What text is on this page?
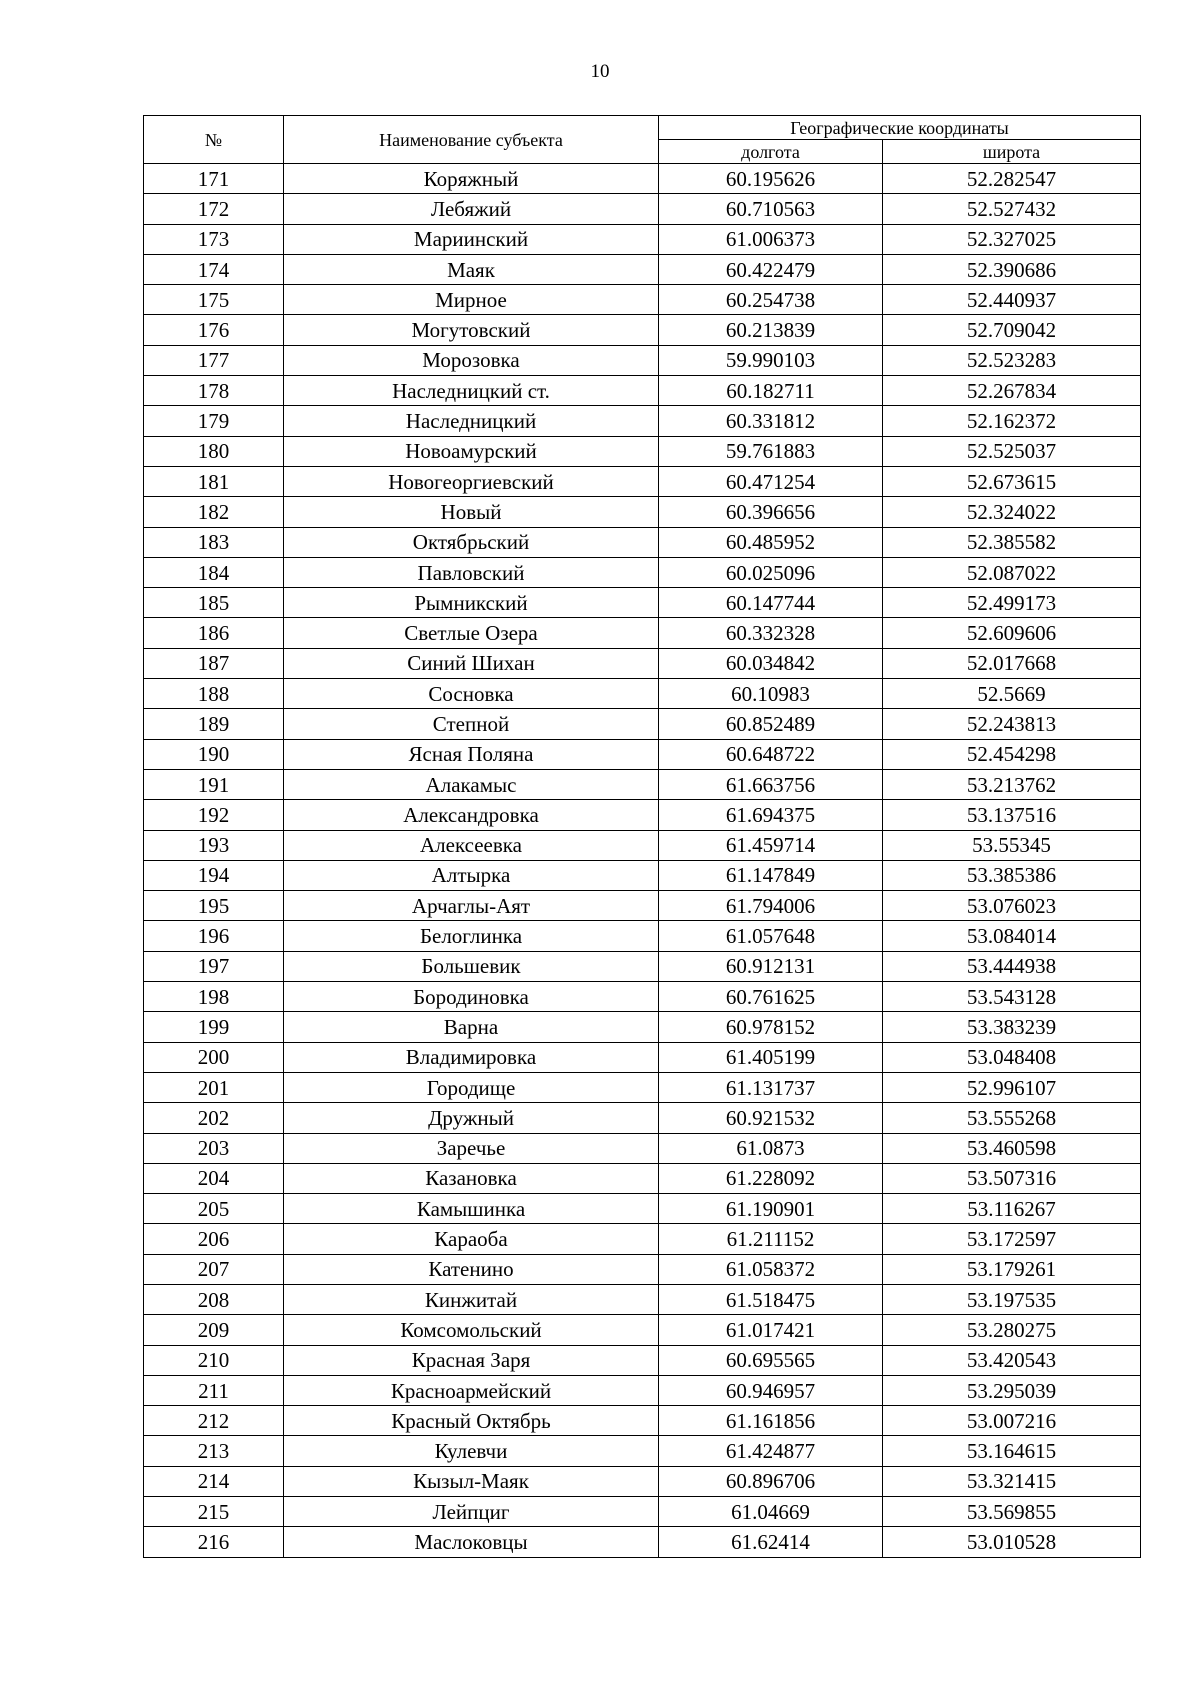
10
№	Наименование субъекта	Географические координаты	
		долгота	широта
171	Коряжный	60.195626	52.282547
172	Лебяжий	60.710563	52.527432
173	Мариинский	61.006373	52.327025
174	Маяк	60.422479	52.390686
175	Мирное	60.254738	52.440937
176	Могутовский	60.213839	52.709042
177	Морозовка	59.990103	52.523283
178	Наследницкий ст.	60.182711	52.267834
179	Наследницкий	60.331812	52.162372
180	Новоамурский	59.761883	52.525037
181	Новогеоргиевский	60.471254	52.673615
182	Новый	60.396656	52.324022
183	Октябрьский	60.485952	52.385582
184	Павловский	60.025096	52.087022
185	Рымникский	60.147744	52.499173
186	Светлые Озера	60.332328	52.609606
187	Синий Шихан	60.034842	52.017668
188	Сосновка	60.10983	52.5669
189	Степной	60.852489	52.243813
190	Ясная Поляна	60.648722	52.454298
191	Алакамыс	61.663756	53.213762
192	Александровка	61.694375	53.137516
193	Алексеевка	61.459714	53.55345
194	Алтырка	61.147849	53.385386
195	Арчаглы-Аят	61.794006	53.076023
196	Белоглинка	61.057648	53.084014
197	Большевик	60.912131	53.444938
198	Бородиновка	60.761625	53.543128
199	Варна	60.978152	53.383239
200	Владимировка	61.405199	53.048408
201	Городище	61.131737	52.996107
202	Дружный	60.921532	53.555268
203	Заречье	61.0873	53.460598
204	Казановка	61.228092	53.507316
205	Камышинка	61.190901	53.116267
206	Караоба	61.211152	53.172597
207	Катенино	61.058372	53.179261
208	Кинжитай	61.518475	53.197535
209	Комсомольский	61.017421	53.280275
210	Красная Заря	60.695565	53.420543
211	Красноармейский	60.946957	53.295039
212	Красный Октябрь	61.161856	53.007216
213	Кулевчи	61.424877	53.164615
214	Кызыл-Маяк	60.896706	53.321415
215	Лейпциг	61.04669	53.569855
216	Маслоковцы	61.62414	53.010528
